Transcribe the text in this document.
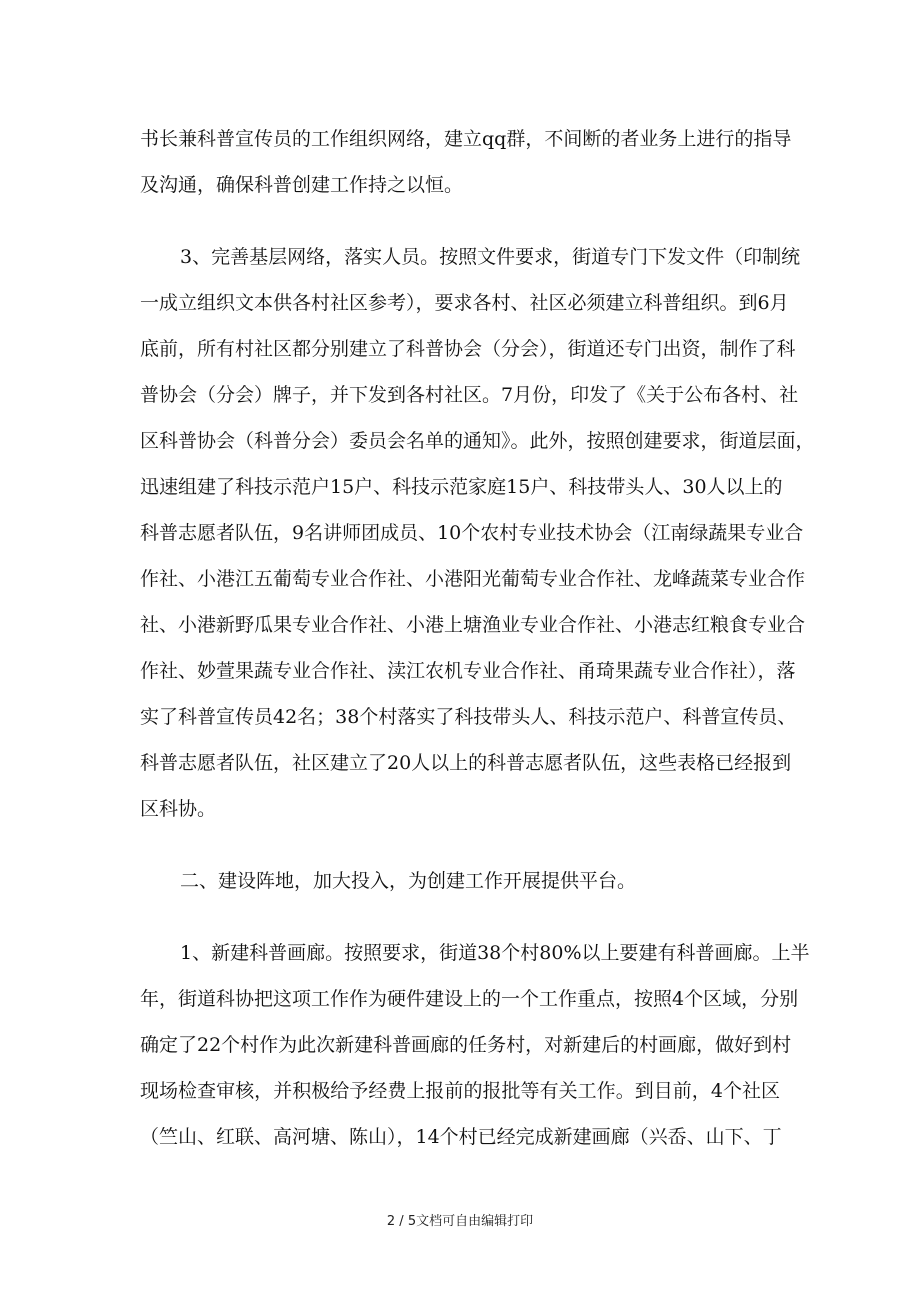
书长兼科普宣传员的工作组织网络，建立qq群，不间断的者业务上进行的指导
及沟通，确保科普创建工作持之以恒。
3、完善基层网络，落实人员。按照文件要求，街道专门下发文件（印制统
一成立组织文本供各村社区参考），要求各村、社区必须建立科普组织。到6月
底前，所有村社区都分别建立了科普协会（分会），街道还专门出资，制作了科
普协会（分会）牌子，并下发到各村社区。7月份，印发了《关于公布各村、社
区科普协会（科普分会）委员会名单的通知》。此外，按照创建要求，街道层面，
迅速组建了科技示范户15户、科技示范家庭15户、科技带头人、30人以上的
科普志愿者队伍，9名讲师团成员、10个农村专业技术协会（江南绿蔬果专业合
作社、小港江五葡萄专业合作社、小港阳光葡萄专业合作社、龙峰蔬菜专业合作
社、小港新野瓜果专业合作社、小港上塘渔业专业合作社、小港志红粮食专业合
作社、妙萱果蔬专业合作社、渎江农机专业合作社、甬琦果蔬专业合作社），落
实了科普宣传员42名；38个村落实了科技带头人、科技示范户、科普宣传员、
科普志愿者队伍，社区建立了20人以上的科普志愿者队伍，这些表格已经报到
区科协。
二、建设阵地，加大投入，为创建工作开展提供平台。
1、新建科普画廊。按照要求，街道38个村80%以上要建有科普画廊。上半
年，街道科协把这项工作作为硬件建设上的一个工作重点，按照4个区域，分别
确定了22个村作为此次新建科普画廊的任务村，对新建后的村画廊，做好到村
现场检查审核，并积极给予经费上报前的报批等有关工作。到目前，4个社区
（竺山、红联、高河塘、陈山），14个村已经完成新建画廊（兴岙、山下、丁
2 / 5文档可自由编辑打印
